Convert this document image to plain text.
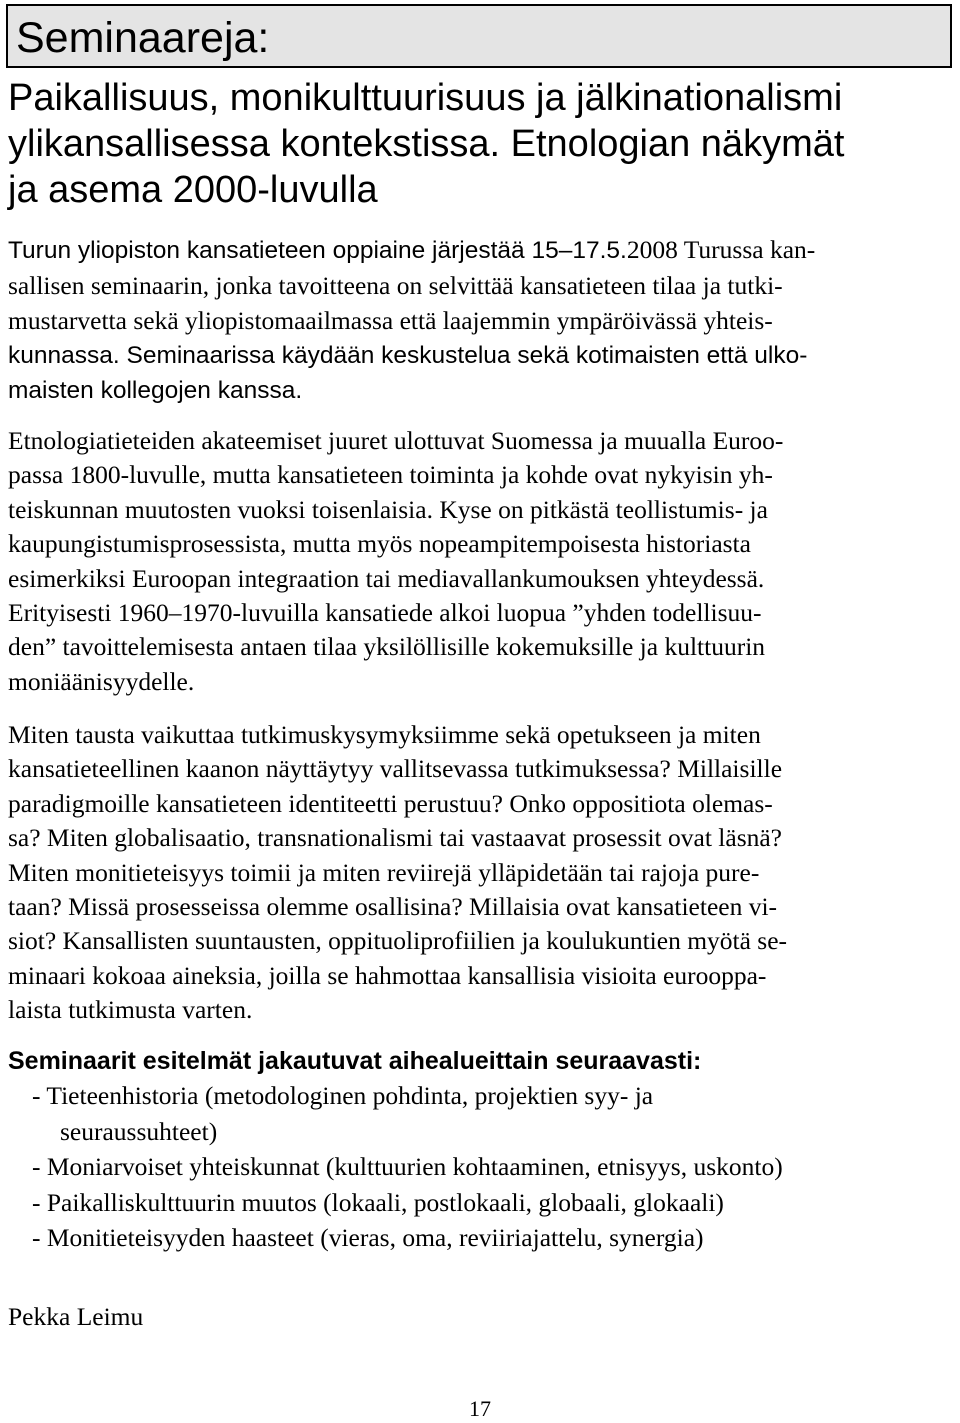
Seminaareja:
Paikallisuus, monikulttuurisuus ja jälkinationalismi
ylikansallisessa kontekstissa. Etnologian näkymät
ja asema 2000-luvulla
Turun yliopiston kansatieteen oppiaine järjestää 15–17.5.2008 Turussa kan-
sallisen seminaarin, jonka tavoitteena on selvittää kansatieteen tilaa ja tutki-
mustarvetta sekä yliopistomaailmassa että laajemmin ympäröivässä yhteis-
kunnassa. Seminaarissa käydään keskustelua sekä kotimaisten että ulko-
maisten kollegojen kanssa.

Etnologiatieteiden akateemiset juuret ulottuvat Suomessa ja muualla Euroo-
passa 1800-luvulle, mutta kansatieteen toiminta ja kohde ovat nykyisin yh-
teiskunnan muutosten vuoksi toisenlaisia. Kyse on pitkästä teollistumis- ja
kaupungistumisprosessista, mutta myös nopeampitempoisesta historiasta
esimerkiksi Euroopan integraation tai mediavallankumouksen yhteydessä.
Erityisesti 1960–1970-luvuilla kansatiede alkoi luopua ”yhden todellisuu-
den” tavoittelemisesta antaen tilaa yksilöllisille kokemuksille ja kulttuurin
moniäänisyydelle.

Miten tausta vaikuttaa tutkimuskysymyksiimme sekä opetukseen ja miten
kansatieteellinen kaanon näyttäytyy vallitsevassa tutkimuksessa? Millaisille
paradigmoille kansatieteen identiteetti perustuu? Onko oppositiota olemas-
sa? Miten globalisaatio, transnationalismi tai vastaavat prosessit ovat läsnä?
Miten monitieteisyys toimii ja miten reviirejä ylläpidetään tai rajoja pure-
taan? Missä prosesseissa olemme osallisina? Millaisia ovat kansatieteen vi-
siot? Kansallisten suuntausten, oppituoliprofiilien ja koulukuntien myötä se-
minaari kokoaa aineksia, joilla se hahmottaa kansallisia visioita eurooppa-
laista tutkimusta varten.

Seminaarit esitelmät jakautuvat aihealueittain seuraavasti:
- Tieteenhistoria (metodologinen pohdinta, projektien syy- ja
seuraussuhteet)
- Moniarvoiset yhteiskunnat (kulttuurien kohtaaminen, etnisyys, uskonto)
- Paikalliskulttuurin muutos (lokaali, postlokaali, globaali, glokaali)
- Monitieteisyyden haasteet (vieras, oma, reviiriajattelu, synergia)

Pekka Leimu

17
